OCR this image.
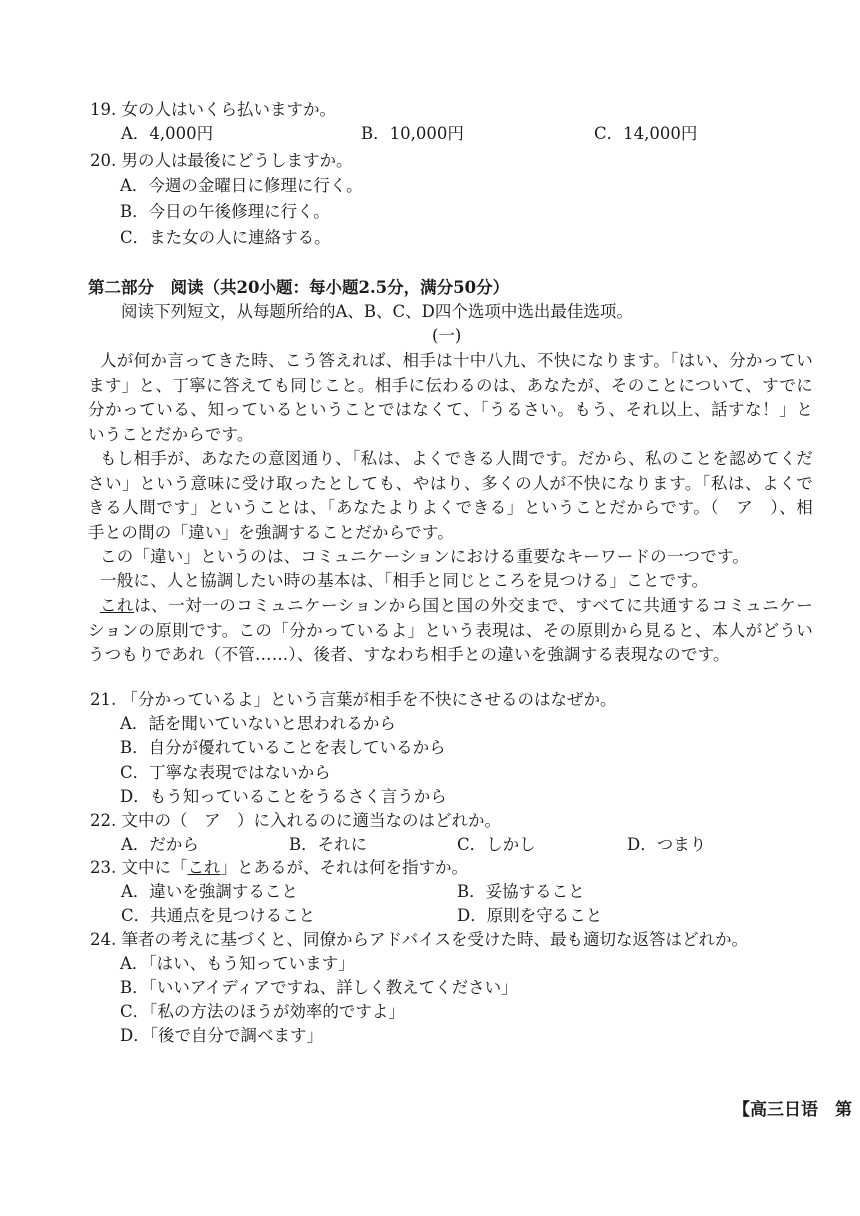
19. 女の人はいくら払いますか。
A．4,000円	B．10,000円	C．14,000円
20. 男の人は最後にどうしますか。
A．今週の金曜日に修理に行く。
B．今日の午後修理に行く。
C．また女の人に連絡する。
第二部分　阅读（共20小题：每小题2.5分，满分50分）
阅读下列短文，从每题所给的A、B、C、D四个选项中选出最佳选项。
(一)
人が何か言ってきた時、こう答えれば、相手は十中八九、不快になります。「はい、分かっています」と、丁寧に答えても同じこと。相手に伝わるのは、あなたが、そのことについて、すでに分かっている、知っているということではなくて、「うるさい。もう、それ以上、話すな！」ということだからです。
もし相手が、あなたの意図通り、「私は、よくできる人間です。だから、私のことを認めてください」という意味に受け取ったとしても、やはり、多くの人が不快になります。「私は、よくできる人間です」ということは、「あなたよりよくできる」ということだからです。（　ア　）、相手との間の「違い」を強調することだからです。
この「違い」というのは、コミュニケーションにおける重要なキーワードの一つです。
一般に、人と協調したい時の基本は、「相手と同じところを見つける」ことです。
これは、一対一のコミュニケーションから国と国の外交まで、すべてに共通するコミュニケーションの原則です。この「分かっているよ」という表現は、その原則から見ると、本人がどういうつもりであれ（不管……）、後者、すなわち相手との違いを強調する表現なのです。
21. 「分かっているよ」という言葉が相手を不快にさせるのはなぜか。
A．話を聞いていないと思われるから
B．自分が優れていることを表しているから
C．丁寧な表現ではないから
D．もう知っていることをうるさく言うから
22. 文中の（　ア　）に入れるのに適当なのはどれか。
A．だから	B．それに	C．しかし	D．つまり
23. 文中に「これ」とあるが、それは何を指すか。
A．違いを強調すること	B．妥協すること
C．共通点を見つけること	D．原則を守ること
24. 筆者の考えに基づくと、同僚からアドバイスを受けた時、最も適切な返答はどれか。
A．「はい、もう知っています」
B．「いいアイディアですね、詳しく教えてください」
C．「私の方法のほうが効率的ですよ」
D．「後で自分で調べます」
【高三日语　第
